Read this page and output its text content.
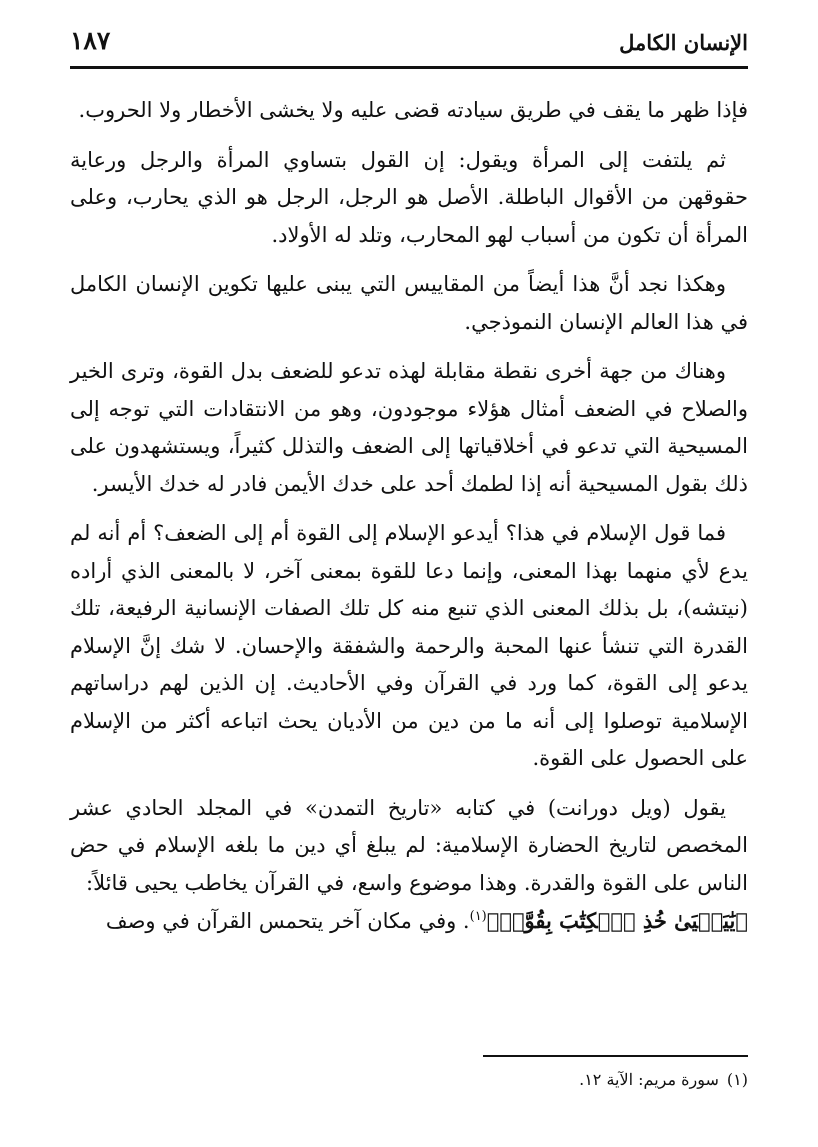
الإنسان الكامل
١٨٧

فإذا ظهر ما يقف في طريق سيادته قضى عليه ولا يخشى الأخطار ولا الحروب.

ثم يلتفت إلى المرأة ويقول: إن القول بتساوي المرأة والرجل ورعاية حقوقهن من الأقوال الباطلة. الأصل هو الرجل، الرجل هو الذي يحارب، وعلى المرأة أن تكون من أسباب لهو المحارب، وتلد له الأولاد.

وهكذا نجد أنَّ هذا أيضاً من المقاييس التي يبنى عليها تكوين الإنسان الكامل في هذا العالم الإنسان النموذجي.

وهناك من جهة أخرى نقطة مقابلة لهذه تدعو للضعف بدل القوة، وترى الخير والصلاح في الضعف أمثال هؤلاء موجودون، وهو من الانتقادات التي توجه إلى المسيحية التي تدعو في أخلاقياتها إلى الضعف والتذلل كثيراً، ويستشهدون على ذلك بقول المسيحية أنه إذا لطمك أحد على خدك الأيمن فادر له خدك الأيسر.

فما قول الإسلام في هذا؟ أيدعو الإسلام إلى القوة أم إلى الضعف؟ أم أنه لم يدع لأي منهما بهذا المعنى، وإنما دعا للقوة بمعنى آخر، لا بالمعنى الذي أراده (نيتشه)، بل بذلك المعنى الذي تنبع منه كل تلك الصفات الإنسانية الرفيعة، تلك القدرة التي تنشأ عنها المحبة والرحمة والشفقة والإحسان. لا شك إنَّ الإسلام يدعو إلى القوة، كما ورد في القرآن وفي الأحاديث. إن الذين لهم دراساتهم الإسلامية توصلوا إلى أنه ما من دين من الأديان يحث اتباعه أكثر من الإسلام على الحصول على القوة.

يقول (ويل دورانت) في كتابه «تاريخ التمدن» في المجلد الحادي عشر المخصص لتاريخ الحضارة الإسلامية: لم يبلغ أي دين ما بلغه الإسلام في حض الناس على القوة والقدرة. وهذا موضوع واسع، في القرآن يخاطب يحيى قائلاً:

﴿يَٰيَحۡيَىٰ خُذِ ٱلۡكِتَٰبَ بِقُوَّةٖ﴾$^{(١)}$. وفي مكان آخر يتحمس القرآن في وصف

(١)سورة مريم: الآية ١٢.
